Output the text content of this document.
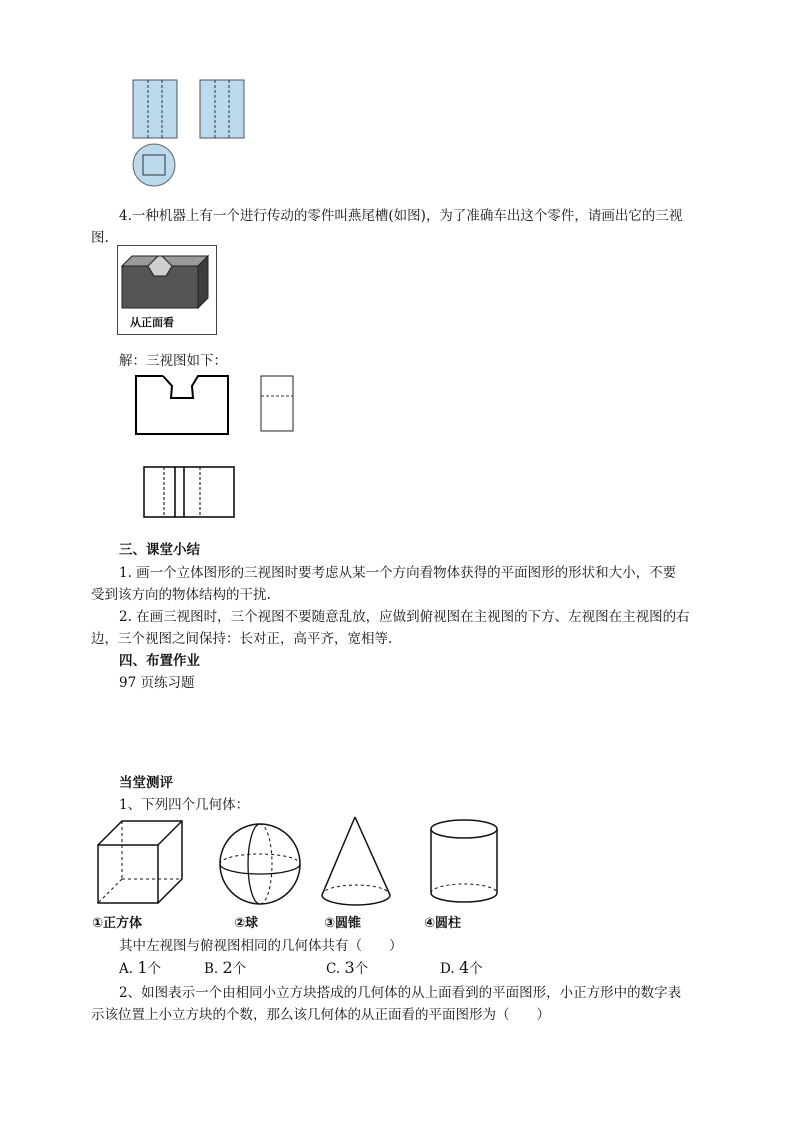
4.一种机器上有一个进行传动的零件叫燕尾槽(如图)，为了准确车出这个零件，请画出它的三视
图.
从正面看
解：三视图如下：
三、课堂小结
1. 画一个立体图形的三视图时要考虑从某一个方向看物体获得的平面图形的形状和大小，不要
受到该方向的物体结构的干扰.
2. 在画三视图时，三个视图不要随意乱放，应做到俯视图在主视图的下方、左视图在主视图的右
边，三个视图之间保持：长对正，高平齐，宽相等.
四、布置作业
97 页练习题
当堂测评
1、下列四个几何体：
①正方体	②球	③圆锥	④圆柱
其中左视图与俯视图相同的几何体共有（　　）
A. 1个	B. 2个	C. 3个	D. 4个
2、如图表示一个由相同小立方块搭成的几何体的从上面看到的平面图形，小正方形中的数字表
示该位置上小立方块的个数，那么该几何体的从正面看的平面图形为（　　）
